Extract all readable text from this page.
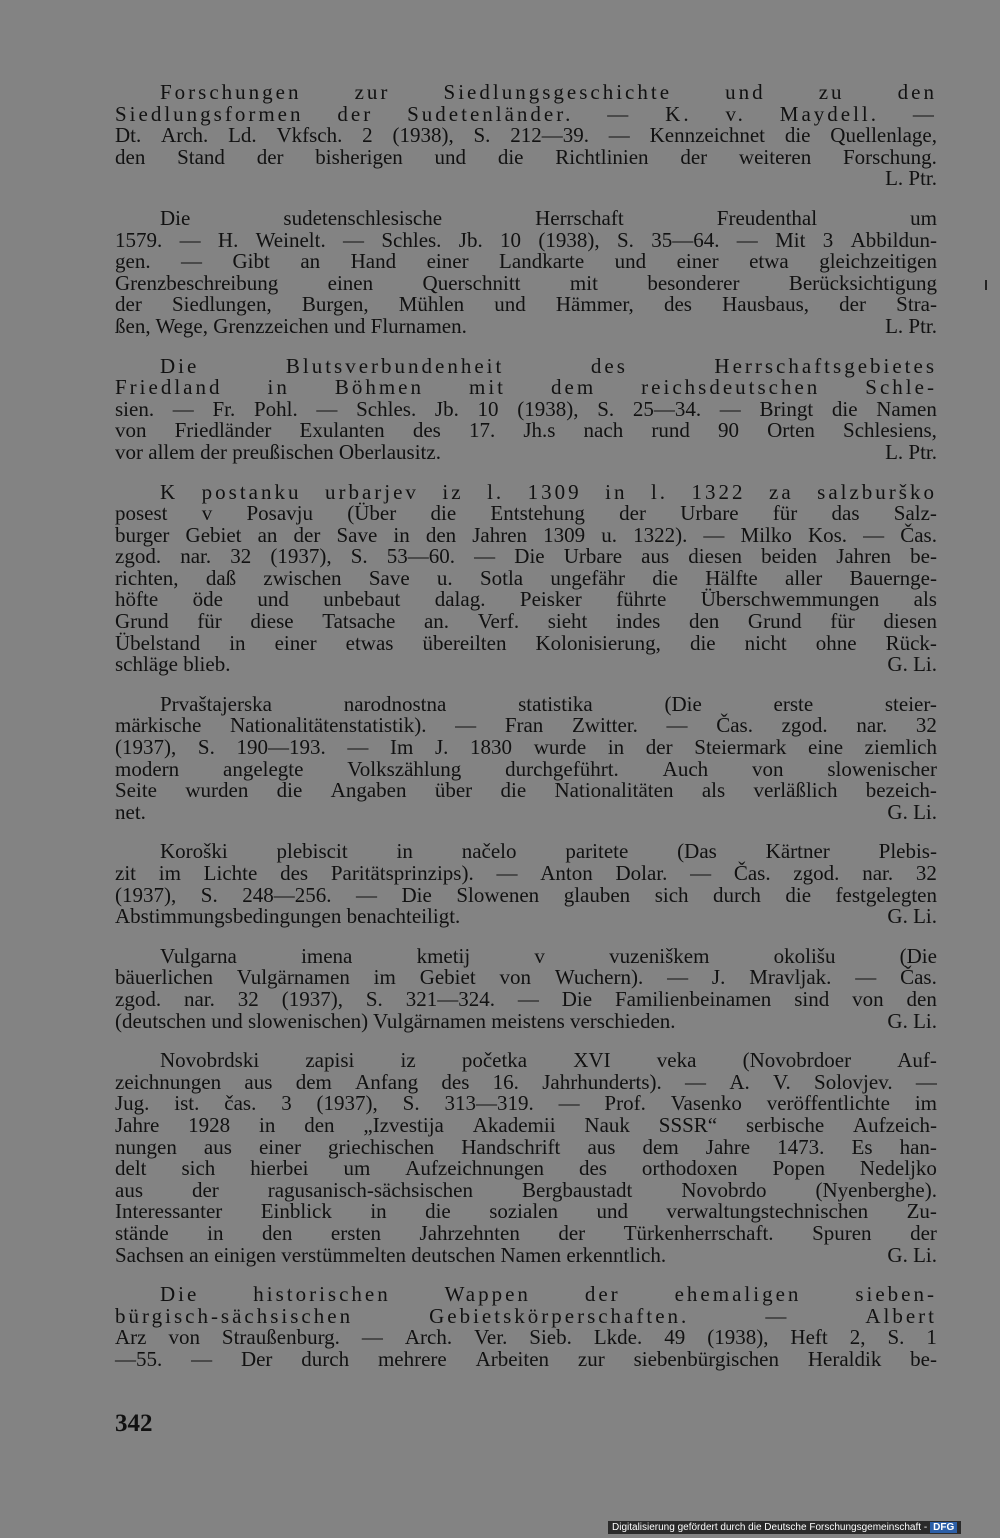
Forschungen	zur	Siedlungsgeschichte	und	zu	den
Siedlungsformen der Sudetenländer. — K. v. Maydell. —
Dt. Arch. Ld. Vkfsch. 2 (1938), S. 212—39. — Kennzeichnet die Quellenlage,
den Stand der bisherigen und die Richtlinien der weiteren Forschung.
L. Ptr.
Die	sudetenschlesische	Herrschaft	Freudenthal	um
1579. — H. Weinelt. — Schles. Jb. 10 (1938), S. 35—64. — Mit 3 Abbildun-
gen. — Gibt an Hand einer Landkarte und einer etwa gleichzeitigen
Grenzbeschreibung einen Querschnitt mit besonderer Berücksichtigung
der Siedlungen, Burgen, Mühlen und Hämmer, des Hausbaus, der Stra-
ßen, Wege, Grenzzeichen und Flurnamen.	L. Ptr.
Die	Blutsverbundenheit	des	Herrschaftsgebietes
Friedland in Böhmen mit dem reichsdeutschen Schle-
sien. — Fr. Pohl. — Schles. Jb. 10 (1938), S. 25—34. — Bringt die Namen
von Friedländer Exulanten des 17. Jh.s nach rund 90 Orten Schlesiens,
vor allem der preußischen Oberlausitz.	L. Ptr.
K postanku urbarjev iz l. 1309 in l. 1322 za salzburško
posest v Posavju (Über die Entstehung der Urbare für das Salz-
burger Gebiet an der Save in den Jahren 1309 u. 1322). — Milko Kos. — Čas.
zgod. nar. 32 (1937), S. 53—60. — Die Urbare aus diesen beiden Jahren be-
richten, daß zwischen Save u. Sotla ungefähr die Hälfte aller Bauernge-
höfte öde und unbebaut dalag. Peisker führte Überschwemmungen als
Grund für diese Tatsache an. Verf. sieht indes den Grund für diesen
Übelstand in einer etwas übereilten Kolonisierung, die nicht ohne Rück-
schläge blieb.	G. Li.
Prvaštajerska	narodnostna	statistika	(Die	erste	steier-
märkische Nationalitätenstatistik). — Fran Zwitter. — Čas. zgod. nar. 32
(1937), S. 190—193. — Im J. 1830 wurde in der Steiermark eine ziemlich
modern angelegte Volkszählung durchgeführt. Auch von slowenischer
Seite wurden die Angaben über die Nationalitäten als verläßlich bezeich-
net.	G. Li.
Koroški plebiscit in načelo paritete (Das Kärtner Plebis-
zit im Lichte des Paritätsprinzips). — Anton Dolar. — Čas. zgod. nar. 32
(1937), S. 248—256. — Die Slowenen glauben sich durch die festgelegten
Abstimmungsbedingungen benachteiligt.	G. Li.
Vulgarna	imena	kmetij	v	vuzeniškem	okolišu	(Die
bäuerlichen Vulgärnamen im Gebiet von Wuchern). — J. Mravljak. — Čas.
zgod. nar. 32 (1937), S. 321—324. — Die Familienbeinamen sind von den
(deutschen und slowenischen) Vulgärnamen meistens verschieden.	G. Li.
Novobrdski zapisi iz početka XVI veka (Novobrdoer Auf-
zeichnungen aus dem Anfang des 16. Jahrhunderts). — A. V. Solovjev. —
Jug. ist. čas. 3 (1937), S. 313—319. — Prof. Vasenko veröffentlichte im
Jahre 1928 in den „Izvestija Akademii Nauk SSSR“ serbische Aufzeich-
nungen aus einer griechischen Handschrift aus dem Jahre 1473. Es han-
delt sich hierbei um Aufzeichnungen des orthodoxen Popen Nedeljko
aus der ragusanisch-sächsischen Bergbaustadt Novobrdo (Nyenberghe).
Interessanter Einblick in die sozialen und verwaltungstechnischen Zu-
stände in den ersten Jahrzehnten der Türkenherrschaft. Spuren der
Sachsen an einigen verstümmelten deutschen Namen erkenntlich.	G. Li.
Die	historischen	Wappen	der	ehemaligen	sieben-
bürgisch-sächsischen	Gebietskörperschaften.	—	Albert
Arz von Straußenburg. — Arch. Ver. Sieb. Lkde. 49 (1938), Heft 2, S. 1
—55. — Der durch mehrere Arbeiten zur siebenbürgischen Heraldik be-
342
Digitalisierung gefördert durch die Deutsche Forschungsgemeinschaft - DFG
